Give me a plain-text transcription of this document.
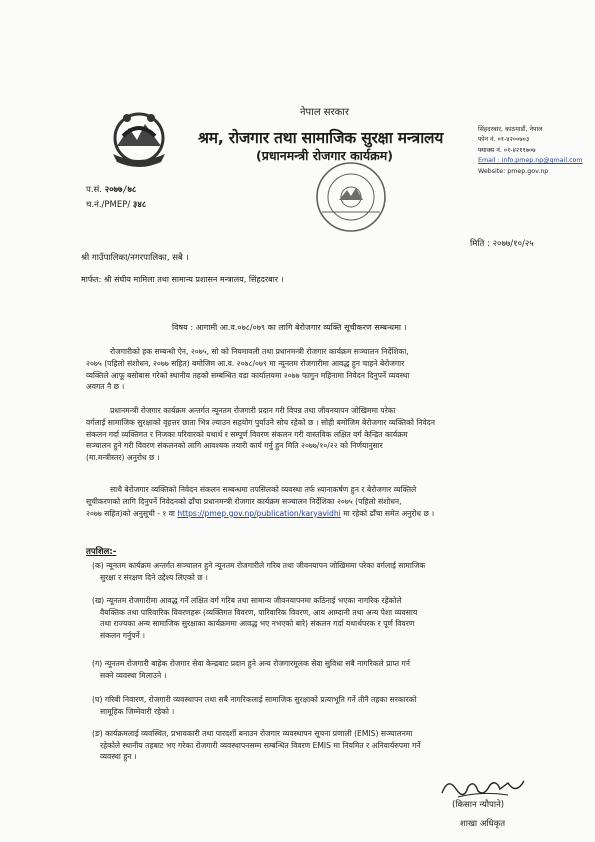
नेपाल सरकार
श्रम, रोजगार तथा सामाजिक सुरक्षा मन्त्रालय
(प्रधानमन्त्री रोजगार कार्यक्रम)
सिंहदरबार, काठमाडौं, नेपाल
फोन नं. ०१-४२००७०३
फ्याक्स नं. ०१-४२११७०७
Email : info.pmep.np@gmail.com
Website: pmep.gov.np
प.सं. २०७७/७८
च.नं./PMEP/ ३४८
मिति : २०७७/१०/२५
श्री गाउँपालिका/नगरपालिका, सबै ।
मार्फत: श्री संघीय मामिला तथा सामान्य प्रशासन मन्त्रालय, सिंहदरबार ।
विषय : आगामी आ.व.०७८/०७९ का लागि बेरोजगार व्यक्ति सूचीकरण सम्बन्धमा ।
रोजगारीको हक सम्बन्धी ऐन, २०७५, सो को नियमावली तथा प्रधानमन्त्री रोजगार कार्यक्रम सञ्चालन निर्देशिका,
२०७५ (पहिलो संशोधन, २०७७ सहित) बमोजिम आ.व. २०७८/०७९ मा न्यूनतम रोजगारीमा आवद्ध हुन चाहने बेरोजगार
व्यक्तिले आफू बसोबास गरेको स्थानीय तहको सम्बन्धित वडा कार्यालयमा २०७७ फागुन महिनामा निवेदन दिनुपर्ने व्यवस्था
अवगत नै छ ।
प्रधानमन्त्री रोजगार कार्यक्रम अन्तर्गत न्यूनतम रोजगारी प्रदान गरी विपन्न तथा जीवनयापन जोखिममा परेका
वर्गलाई सामाजिक सुरक्षाको वृहत्तर छाता भित्र ल्याउन सहयोग पुर्याउने सोच रहेको छ । सोही बमोजिम बेरोजगार व्यक्तिको निवेदन
संकलन गर्दा व्यक्तिगत र निजका परिवारको यथार्थ र सम्पूर्ण विवरण संकलन गरी वास्तविक लक्षित वर्ग केन्द्रित कार्यक्रम
सञ्चालन हुने गरी विवरण संकलनको लागि आवश्यक तयारी कार्य गर्नु हुन मिति २०७७/१०/२२ को निर्णयानुसार
(मा.मन्त्रीस्तर) अनुरोध छ ।
साथै बेरोजगार व्यक्तिको निवेदन संकलन सम्बन्धमा तपसिलको व्यवस्था तर्फ ध्यानाकर्षण हुन र बेरोजगार व्यक्तिले
सूचीकरणको लागि दिनुपर्ने निवेदनको ढाँचा प्रधानमन्त्री रोजगार कार्यक्रम सञ्चालन निर्देशिका २०७५ (पहिलो संशोधन,
२०७७ सहित)को अनुसूची - १ वा https://pmep.gov.np/publication/karyavidhi मा रहेको ढाँचा समेत अनुरोध छ ।
तपशिल:-
(क) न्यूनतम कार्यक्रम अन्तर्गत सञ्चालन हुने न्यूनतम रोजगारीले गरिब तथा जीवनयापन जोखिममा परेका वर्गलाई सामाजिक
सुरक्षा र संरक्षण दिने उद्देश्य लिएको छ ।
(ख) न्यूनतम रोजगारीमा आवद्ध गर्ने लक्षित वर्ग गरिब तथा सामान्य जीवनयापनमा कठिनाई भएका नागरिक रहेकोले
वैयक्तिक तथा पारिवारिक विवरणहरू (व्यक्तिगत विवरण, पारिवारिक विवरण, आय आम्दानी तथा अन्य पेशा व्यवसाय
तथा राज्यका अन्य सामाजिक सुरक्षाका कार्यक्रममा आवद्ध भए नभएको बारे) संकलन गर्दा यथार्थपरक र पूर्ण विवरण
संकलन गर्नुपर्ने ।
(ग) न्यूनतम रोजगारी बाहेक रोजगार सेवा केन्द्रबाट प्रदान हुने अन्य रोजगारमूलक सेवा सुविधा सबै नागरिकले प्राप्त गर्न
सक्ने व्यवस्था मिलाउने ।
(घ) गरिबी निवारण, रोजगारी व्यवस्थापन तथा सबै नागरिकलाई सामाजिक सुरक्षाको प्रत्याभूति गर्ने तीनै तहका सरकारको
सामूहिक जिम्मेवारी रहेको ।
(ङ) कार्यक्रमलाई व्यवस्थित, प्रभावकारी तथा पारदर्शी बनाउन रोजगार व्यवस्थापन सूचना प्रणाली (EMIS) सञ्चालनमा
रहेकोले स्थानीय तहबाट भए गरेका रोजगारी व्यवस्थापनसम्म सम्बन्धित विवरण EMIS मा नियमित र अनिवार्यरुपमा गर्ने
व्यवस्था हुन ।
(किसान न्यौपाने)
शाखा अधिकृत
